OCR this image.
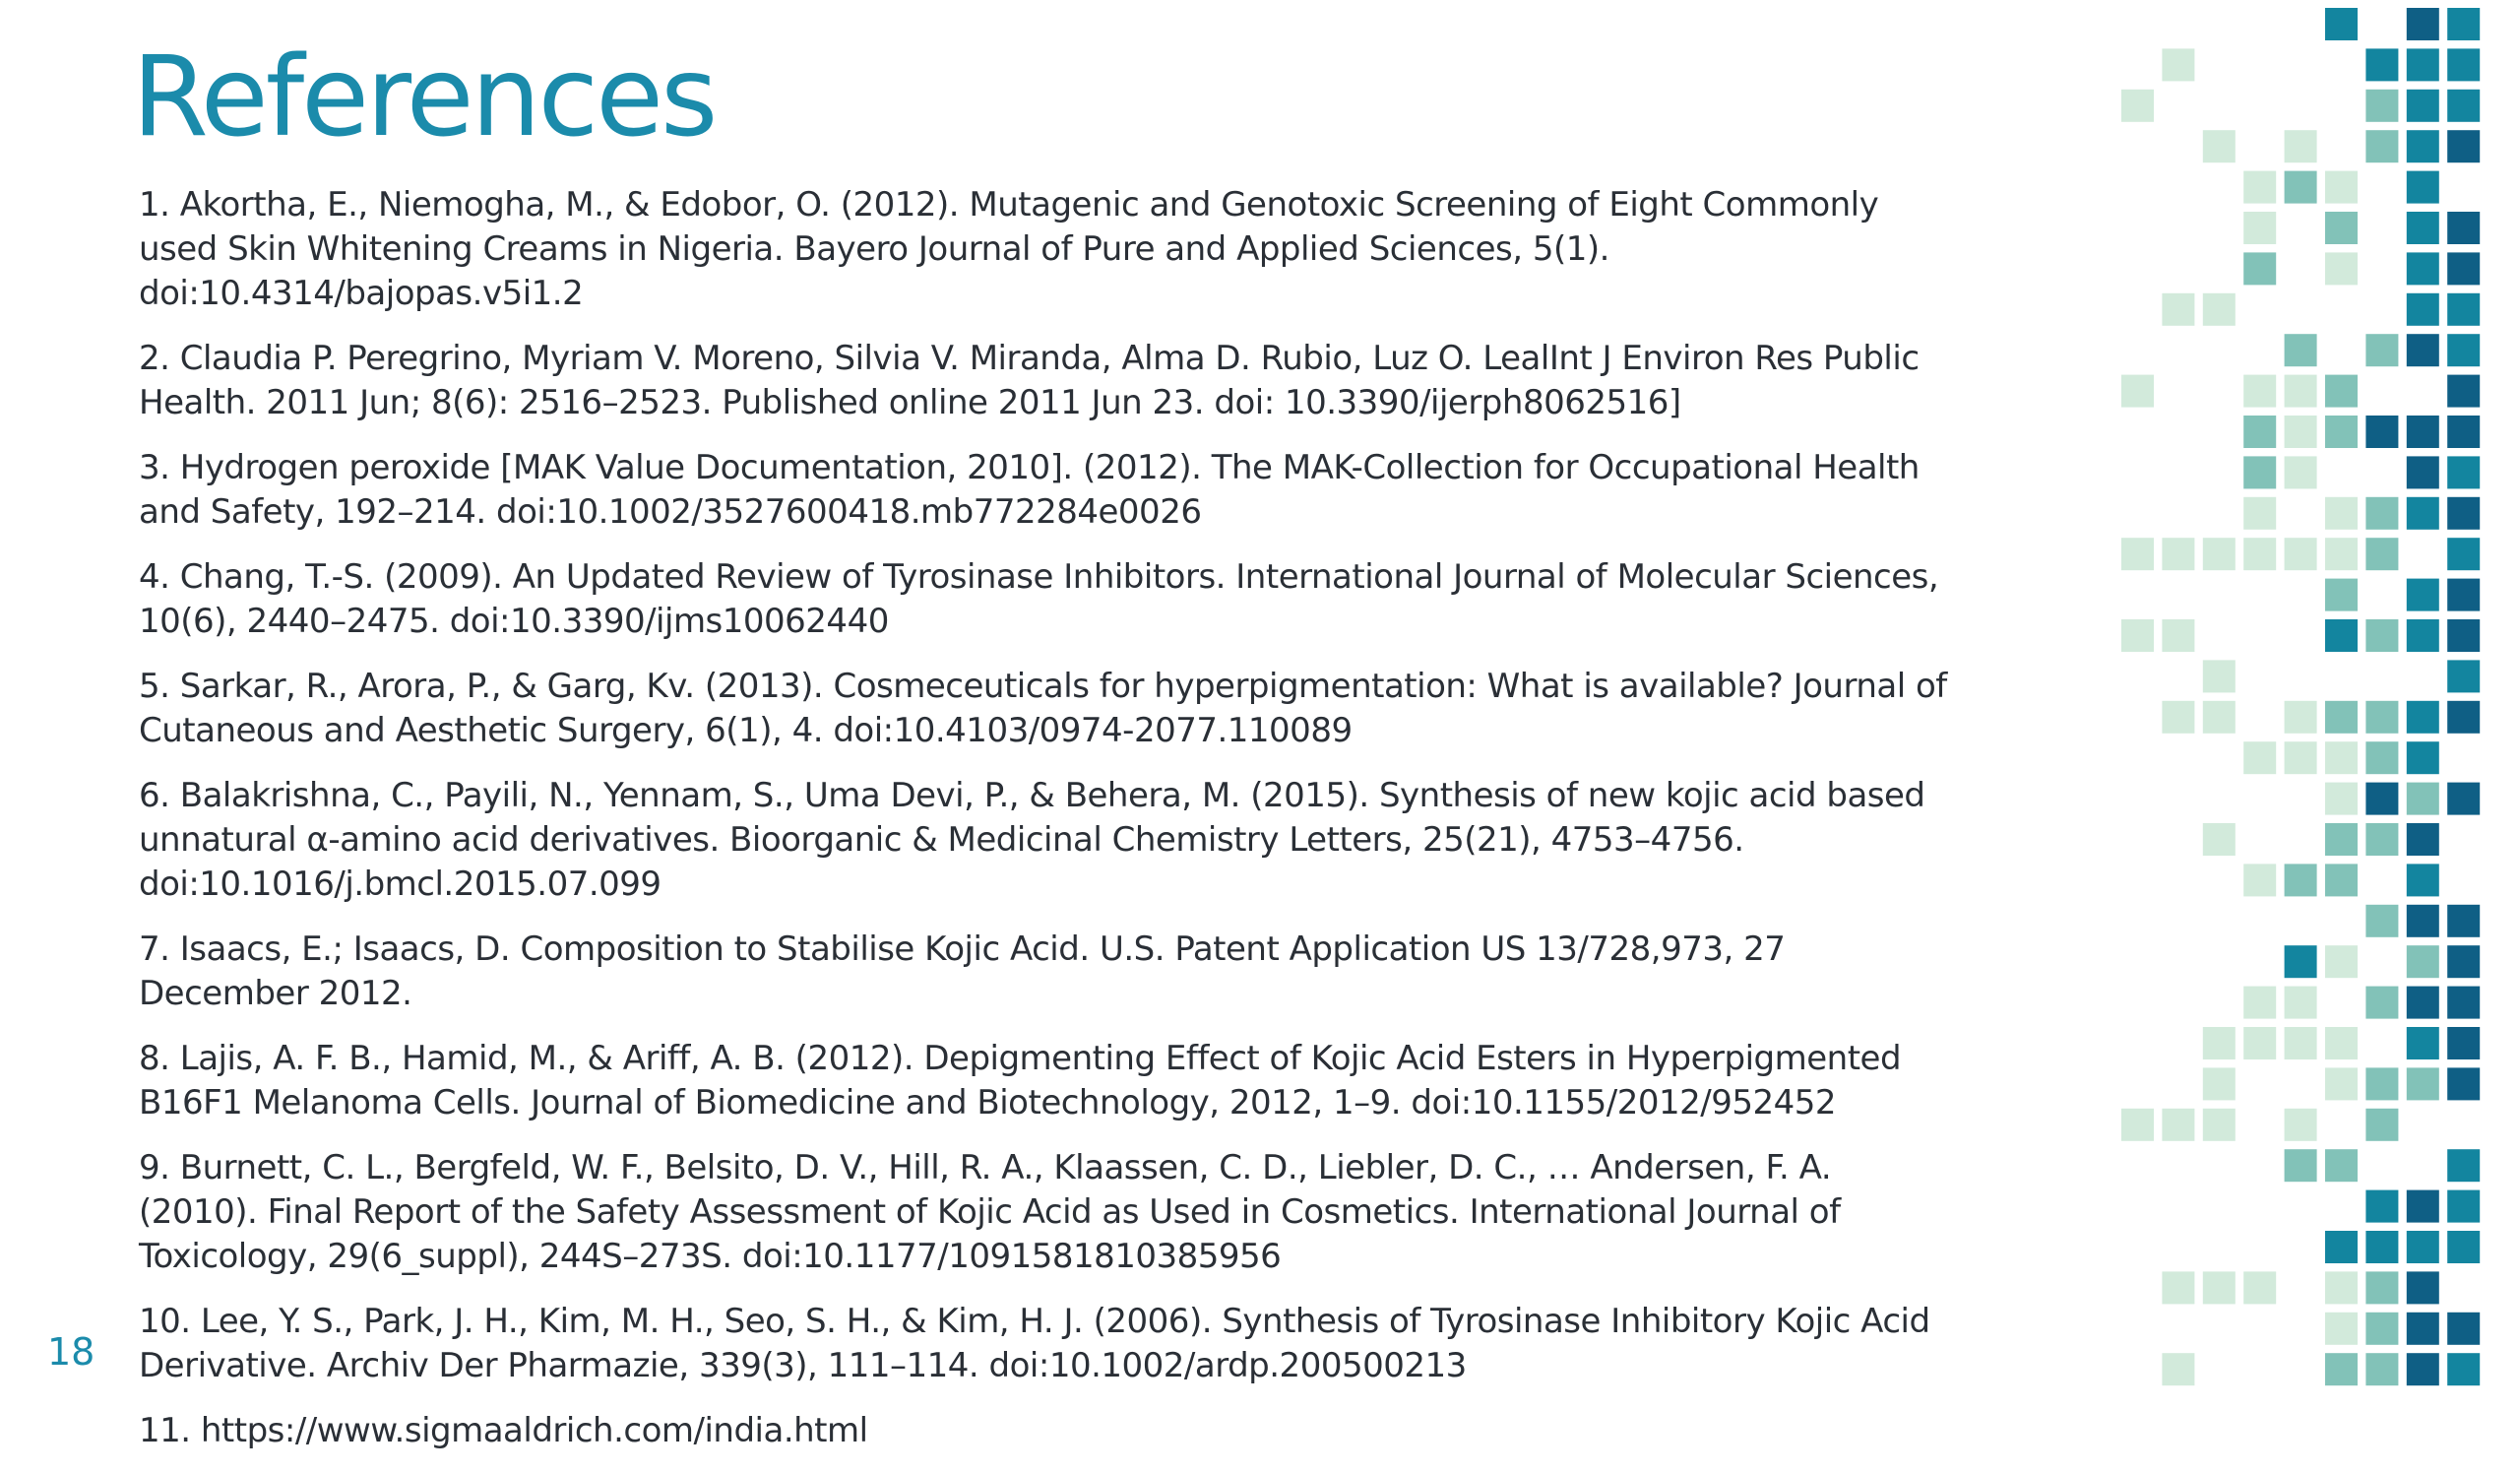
References
1. Akortha, E., Niemogha, M., & Edobor, O. (2012). Mutagenic and Genotoxic Screening of Eight Commonly used Skin Whitening Creams in Nigeria. Bayero Journal of Pure and Applied Sciences, 5(1). doi:10.4314/bajopas.v5i1.2
2. Claudia P. Peregrino, Myriam V. Moreno, Silvia V. Miranda, Alma D. Rubio, Luz O. LealInt J Environ Res Public Health. 2011 Jun; 8(6): 2516–2523. Published online 2011 Jun 23. doi: 10.3390/ijerph8062516]
3. Hydrogen peroxide [MAK Value Documentation, 2010]. (2012). The MAK-Collection for Occupational Health and Safety, 192–214. doi:10.1002/3527600418.mb772284e0026
4. Chang, T.-S. (2009). An Updated Review of Tyrosinase Inhibitors. International Journal of Molecular Sciences, 10(6), 2440–2475. doi:10.3390/ijms10062440
5. Sarkar, R., Arora, P., & Garg, Kv. (2013). Cosmeceuticals for hyperpigmentation: What is available? Journal of Cutaneous and Aesthetic Surgery, 6(1), 4. doi:10.4103/0974-2077.110089
6. Balakrishna, C., Payili, N., Yennam, S., Uma Devi, P., & Behera, M. (2015). Synthesis of new kojic acid based unnatural α-amino acid derivatives. Bioorganic & Medicinal Chemistry Letters, 25(21), 4753–4756. doi:10.1016/j.bmcl.2015.07.099
7. Isaacs, E.; Isaacs, D. Composition to Stabilise Kojic Acid. U.S. Patent Application US 13/728,973, 27 December 2012.
8. Lajis, A. F. B., Hamid, M., & Ariff, A. B. (2012). Depigmenting Effect of Kojic Acid Esters in Hyperpigmented B16F1 Melanoma Cells. Journal of Biomedicine and Biotechnology, 2012, 1–9. doi:10.1155/2012/952452
9. Burnett, C. L., Bergfeld, W. F., Belsito, D. V., Hill, R. A., Klaassen, C. D., Liebler, D. C., … Andersen, F. A. (2010). Final Report of the Safety Assessment of Kojic Acid as Used in Cosmetics. International Journal of Toxicology, 29(6_suppl), 244S–273S. doi:10.1177/1091581810385956
10. Lee, Y. S., Park, J. H., Kim, M. H., Seo, S. H., & Kim, H. J. (2006). Synthesis of Tyrosinase Inhibitory Kojic Acid Derivative. Archiv Der Pharmazie, 339(3), 111–114. doi:10.1002/ardp.200500213
11. https://www.sigmaaldrich.com/india.html
18
